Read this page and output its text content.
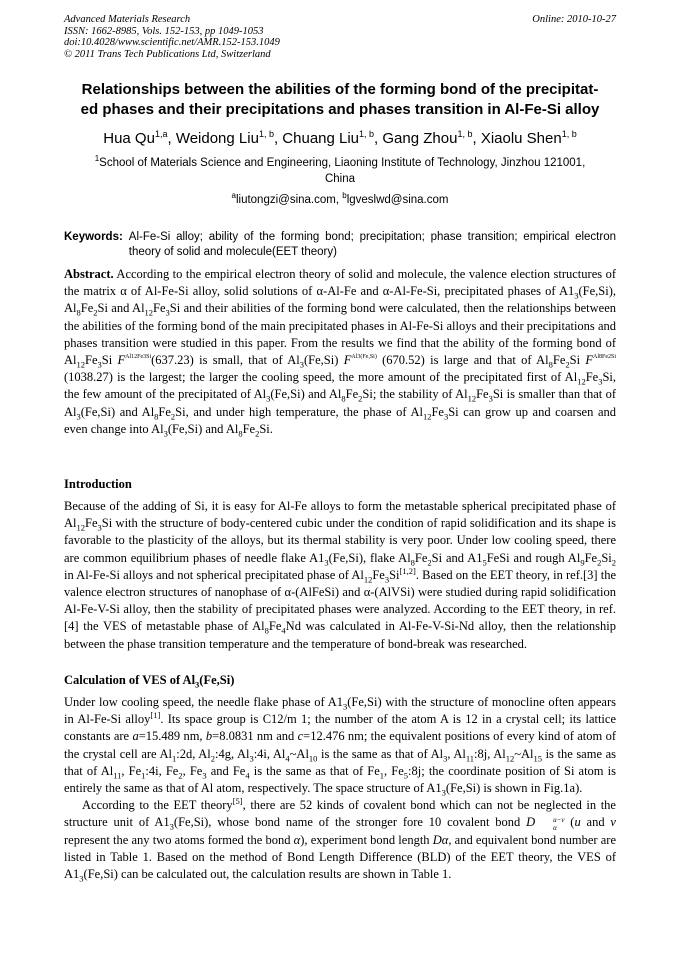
Advanced Materials Research
ISSN: 1662-8985, Vols. 152-153, pp 1049-1053
doi:10.4028/www.scientific.net/AMR.152-153.1049
© 2011 Trans Tech Publications Ltd, Switzerland
Online: 2010-10-27
Relationships between the abilities of the forming bond of the precipitat-
ed phases and their precipitations and phases transition in Al-Fe-Si alloy
Hua Qu$^{1,a}$, Weidong Liu$^{1, b}$, Chuang Liu$^{1, b}$, Gang Zhou$^{1, b}$, Xiaolu Shen$^{1, b}$
$^1$School of Materials Science and Engineering, Liaoning Institute of Technology, Jinzhou 121001,
China
$^a$liutongzi@sina.com, $^b$lgveslwd@sina.com
Keywords: Al-Fe-Si alloy; ability of the forming bond; precipitation; phase transition; empirical electron theory of solid and molecule(EET theory)

Abstract. According to the empirical electron theory of solid and molecule, the valence election structures of the matrix α of Al-Fe-Si alloy, solid solutions of α-Al-Fe and α-Al-Fe-Si, precipitated phases of $A1_3(Fe,Si)$, $Al_8Fe_2Si$ and $Al_{12}Fe_3Si$ and their abilities of the forming bond were calculated, then the relationships between the abilities of the forming bond of the main precipitated phases in Al-Fe-Si alloys and their precipitations and phases transition were studied in this paper. From the results we find that the ability of the forming bond of $Al_{12}Fe_3Si$ $F^{Al12Fe3Si}(637.23)$ is small, that of $Al_3(Fe,Si)$ $F^{Al3(Fe,Si)}$ (670.52) is large and that of $Al_8Fe_2Si$ $F^{Al8Fe2Si}$ (1038.27) is the largest; the larger the cooling speed, the more amount of the precipitated first of $Al_{12}Fe_3Si$, the few amount of the precipitated of $Al_3(Fe,Si)$ and $Al_8Fe_2Si$; the stability of $Al_{12}Fe_3Si$ is smaller than that of $Al_3(Fe,Si)$ and $Al_8Fe_2Si$, and under high temperature, the phase of $Al_{12}Fe_3Si$ can grow up and coarsen and even change into $Al_3(Fe,Si)$ and $Al_8Fe_2Si$.

Introduction

Because of the adding of Si, it is easy for Al-Fe alloys to form the metastable spherical precipitated phase of $Al_{12}Fe_3Si$ with the structure of body-centered cubic under the condition of rapid solidification and its shape is favorable to the plasticity of the alloys, but its thermal stability is very poor. Under low cooling speed, there are common equilibrium phases of needle flake $A1_3(Fe,Si)$, flake $Al_8Fe_2Si$ and $A1_5FeSi$ and rough $Al_9Fe_2Si_2$ in Al-Fe-Si alloys and not spherical precipitated phase of $Al_{12}Fe_3Si[1,2]$. Based on the EET theory, in ref.[3] the valence electron structures of nanophase of α-(AlFeSi) and α-(AlVSi) were studied during rapid solidification Al-Fe-V-Si alloy, then the stability of precipitated phases were analyzed. According to the EET theory, in ref.[4] the VES of metastable phase of $Al_8Fe_4Nd$ was calculated in Al-Fe-V-Si-Nd alloy, then the relationship between the phase transition temperature and the temperature of bond-break was researched.

Calculation of VES of $Al_3(Fe,Si)$

Under low cooling speed, the needle flake phase of $A1_3(Fe,Si)$ with the structure of monocline often appears in Al-Fe-Si alloy[1]. Its space group is C12/m 1; the number of the atom A is 12 in a crystal cell; its lattice constants are a=15.489 nm, b=8.0831 nm and c=12.476 nm; the equivalent positions of every kind of atom of the crystal cell are $Al_1:2d$, $Al_2:4g$, $Al_3:4i$, $Al_4\sim Al_{10}$ is the same as that of $Al_3$, $Al_{11}:8j$, $Al_{12}\sim Al_{15}$ is the same as that of $Al_{11}$, $Fe_1:4i$, $Fe_2$, $Fe_3$ and $Fe_4$ is the same as that of $Fe_1$, $Fe_5:8j$; the coordinate position of Si atom is entirely the same as that of Al atom, respectively. The space structure of $A1_3(Fe,Si)$ is shown in Fig.1a).

According to the EET theory[5], there are 52 kinds of covalent bond which can not be neglected in the structure unit of $A1_3(Fe,Si)$, whose bond name of the stronger fore 10 covalent bond D	u−v
α (u and v represent the any two atoms formed the bond α), experiment bond length Dα, and equivalent bond number are listed in Table 1. Based on the method of Bond Length Difference (BLD) of the EET theory, the VES of $A1_3(Fe,Si)$ can be calculated out, the calculation results are shown in Table 1.
